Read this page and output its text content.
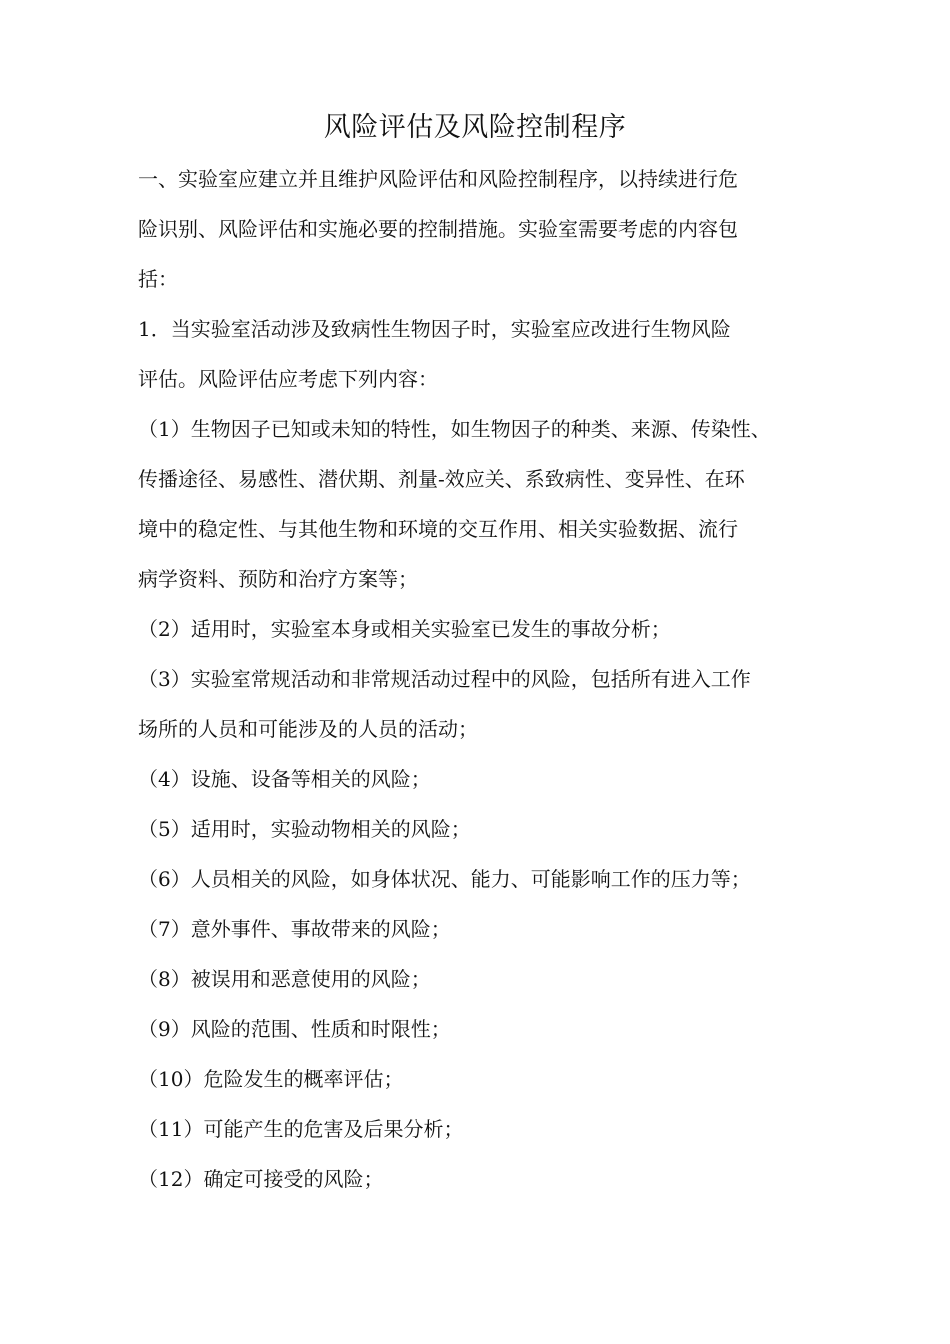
风险评估及风险控制程序
一、实验室应建立并且维护风险评估和风险控制程序，以持续进行危
险识别、风险评估和实施必要的控制措施。实验室需要考虑的内容包
括：
1．当实验室活动涉及致病性生物因子时，实验室应改进行生物风险
评估。风险评估应考虑下列内容：
（1）生物因子已知或未知的特性，如生物因子的种类、来源、传染性、
传播途径、易感性、潜伏期、剂量-效应关、系致病性、变异性、在环
境中的稳定性、与其他生物和环境的交互作用、相关实验数据、流行
病学资料、预防和治疗方案等；
（2）适用时，实验室本身或相关实验室已发生的事故分析；
（3）实验室常规活动和非常规活动过程中的风险，包括所有进入工作
场所的人员和可能涉及的人员的活动；
（4）设施、设备等相关的风险；
（5）适用时，实验动物相关的风险；
（6）人员相关的风险，如身体状况、能力、可能影响工作的压力等；
（7）意外事件、事故带来的风险；
（8）被误用和恶意使用的风险；
（9）风险的范围、性质和时限性；
（10）危险发生的概率评估；
（11）可能产生的危害及后果分析；
（12）确定可接受的风险；
